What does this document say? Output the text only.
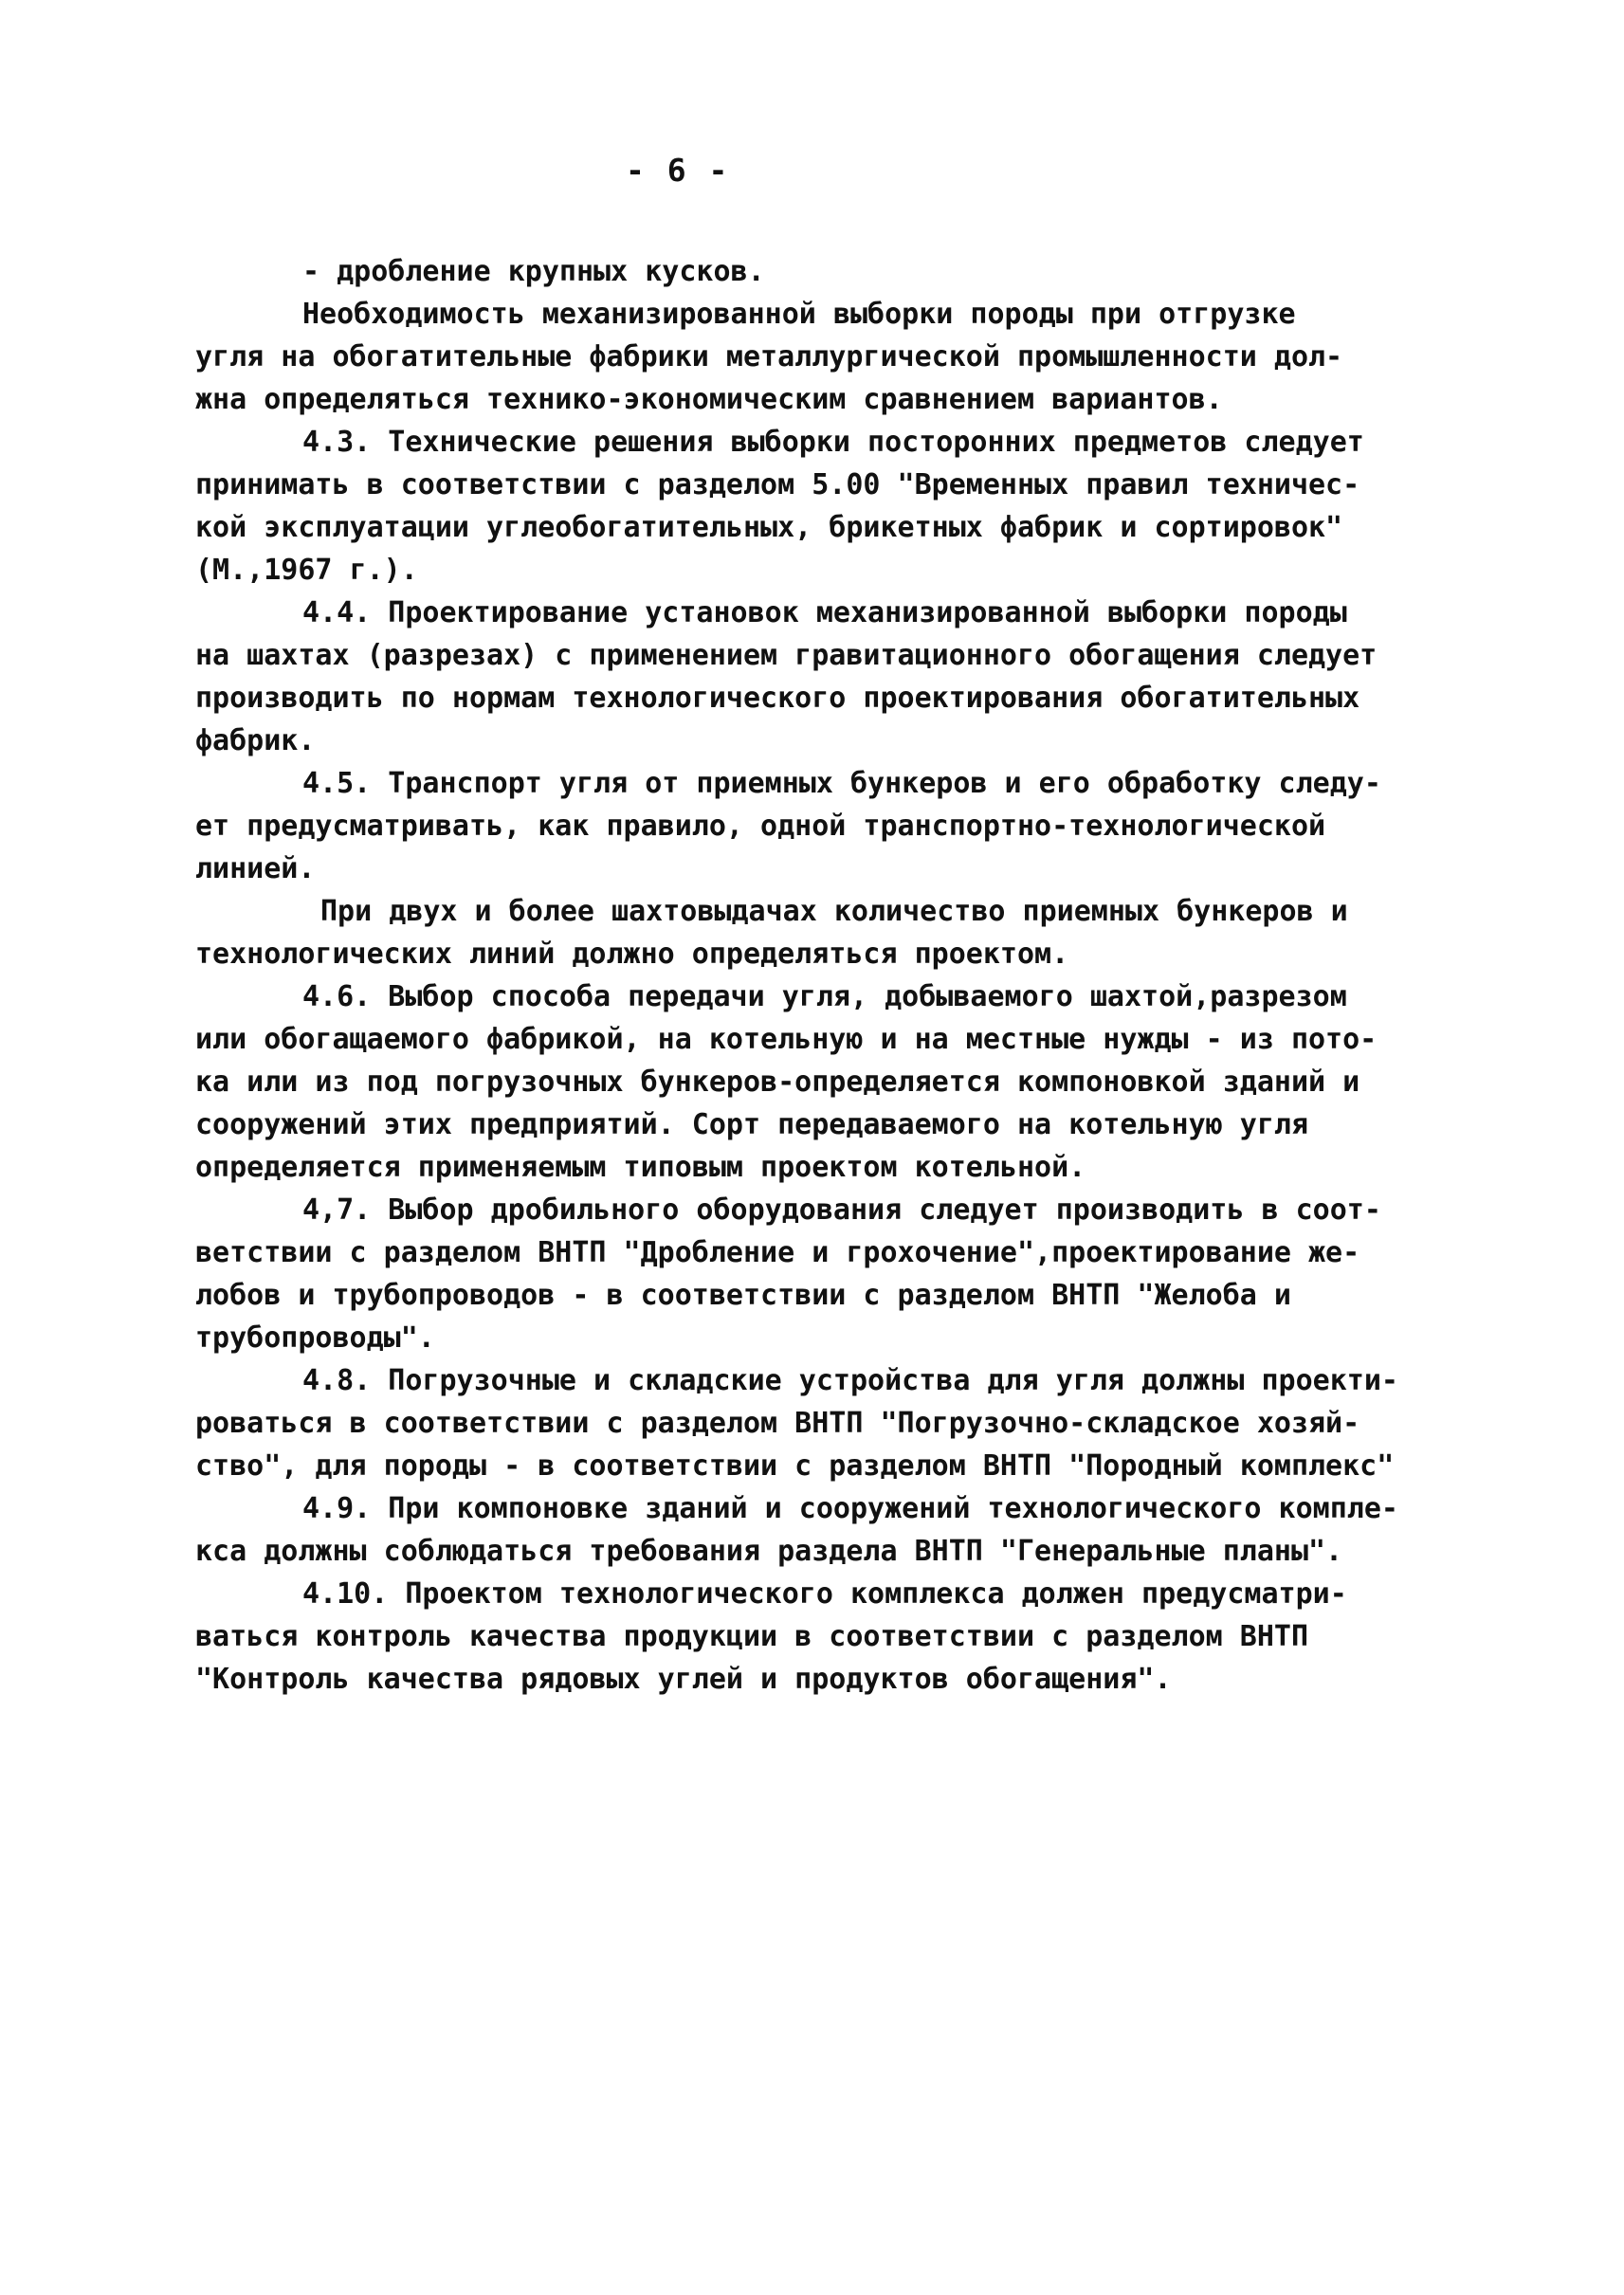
- 6 -
- дробление крупных кусков.
Необходимость механизированной выборки породы при отгрузке
угля на обогатительные фабрики металлургической промышленности дол-
жна определяться технико-экономическим сравнением вариантов.
4.3. Технические решения выборки посторонних предметов следует
принимать в соответствии с разделом 5.00 "Временных правил техничес-
кой эксплуатации углеобогатительных, брикетных фабрик и сортировок"
(М.,1967 г.).
4.4. Проектирование установок механизированной выборки породы
на шахтах (разрезах) с применением гравитационного обогащения следует
производить по нормам технологического проектирования обогатительных
фабрик.
4.5. Транспорт угля от приемных бункеров и его обработку следу-
ет предусматривать, как правило, одной транспортно-технологической
линией.
При двух и более шахтовыдачах количество приемных бункеров и
технологических линий должно определяться проектом.
4.6. Выбор способа передачи угля, добываемого шахтой,разрезом
или обогащаемого фабрикой, на котельную и на местные нужды - из пото-
ка или из под погрузочных бункеров-определяется компоновкой зданий и
сооружений этих предприятий. Сорт передаваемого на котельную угля
определяется применяемым типовым проектом котельной.
4,7. Выбор дробильного оборудования следует производить в соот-
ветствии с разделом ВНТП "Дробление и грохочение",проектирование же-
лобов и трубопроводов - в соответствии с разделом ВНТП "Желоба и
трубопроводы".
4.8. Погрузочные и складские устройства для угля должны проекти-
роваться в соответствии с разделом ВНТП "Погрузочно-складское хозяй-
ство", для породы - в соответствии с разделом ВНТП "Породный комплекс"
4.9. При компоновке зданий и сооружений технологического компле-
кса должны соблюдаться требования раздела ВНТП "Генеральные планы".
4.10. Проектом технологического комплекса должен предусматри-
ваться контроль качества продукции в соответствии с разделом ВНТП
"Контроль качества рядовых углей и продуктов обогащения".
